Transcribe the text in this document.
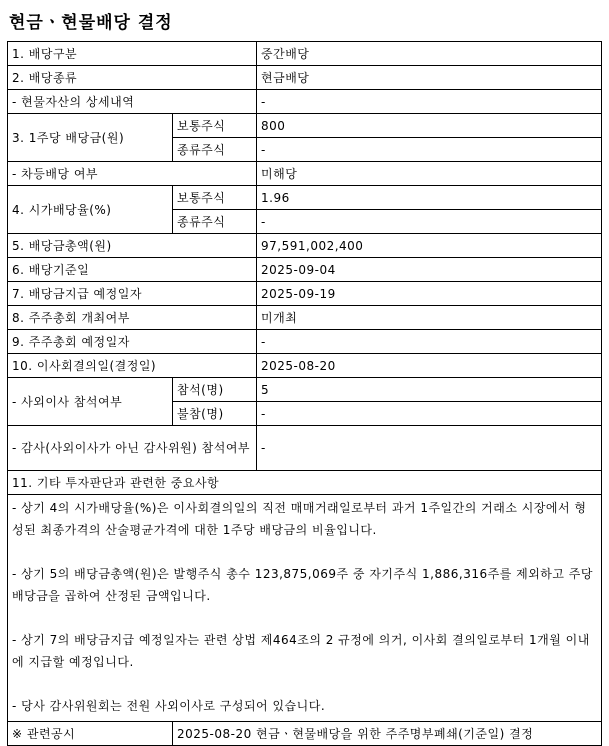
현금ㆍ현물배당 결정
1. 배당구분		중간배당
2. 배당종류		현금배당
- 현물자산의 상세내역		-
3. 1주당 배당금(원)	보통주식	800
	종류주식	-
- 차등배당 여부		미해당
4. 시가배당율(%)	보통주식	1.96
	종류주식	-
5. 배당금총액(원)		97,591,002,400
6. 배당기준일		2025-09-04
7. 배당금지급 예정일자		2025-09-19
8. 주주총회 개최여부		미개최
9. 주주총회 예정일자		-
10. 이사회결의일(결정일)		2025-08-20
- 사외이사 참석여부	참석(명)	5
	불참(명)	-
- 감사(사외이사가 아닌 감사위원) 참석여부		-
11. 기타 투자판단과 관련한 중요사항		

- 상기 4의 시가배당율(%)은 이사회결의일의 직전 매매거래일로부터 과거 1주일간의 거래소 시장에서 형성된 최종가격의 산술평균가격에 대한 1주당 배당금의 비율입니다.

- 상기 5의 배당금총액(원)은 발행주식 총수 123,875,069주 중 자기주식 1,886,316주를 제외하고 주당 배당금을 곱하여 산정된 금액입니다.

- 상기 7의 배당금지급 예정일자는 관련 상법 제464조의 2 규정에 의거, 이사회 결의일로부터 1개월 이내에 지급할 예정입니다.

- 당사 감사위원회는 전원 사외이사로 구성되어 있습니다.		

※ 관련공시	2025-08-20 현금ㆍ현물배당을 위한 주주명부폐쇄(기준일) 결정	
